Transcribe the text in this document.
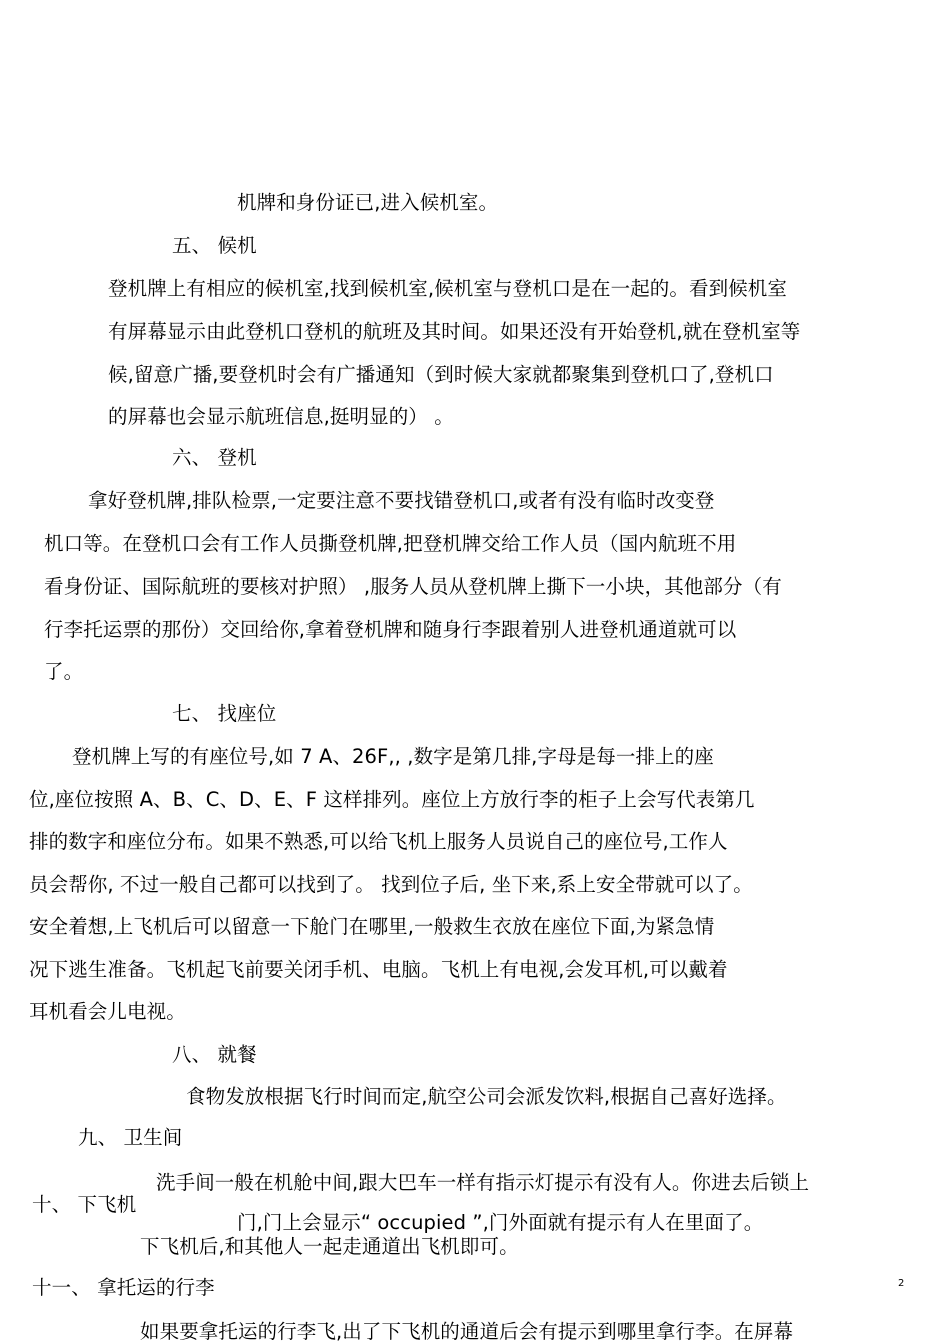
机牌和身份证已,进入候机室。

五、 候机

登机牌上有相应的候机室,找到候机室,候机室与登机口是在一起的。看到候机室

有屏幕显示由此登机口登机的航班及其时间。如果还没有开始登机,就在登机室等

候,留意广播,要登机时会有广播通知（到时候大家就都聚集到登机口了,登机口

的屏幕也会显示航班信息,挺明显的） 。

六、 登机

拿好登机牌,排队检票,一定要注意不要找错登机口,或者有没有临时改变登

机口等。在登机口会有工作人员撕登机牌,把登机牌交给工作人员（国内航班不用

看身份证、国际航班的要核对护照） ,服务人员从登机牌上撕下一小块，其他部分（有

行李托运票的那份）交回给你,拿着登机牌和随身行李跟着别人进登机通道就可以

了。

七、 找座位

登机牌上写的有座位号,如 7 A、26F,, ,数字是第几排,字母是每一排上的座

位,座位按照 A、B、C、D、E、F 这样排列。座位上方放行李的柜子上会写代表第几

排的数字和座位分布。如果不熟悉,可以给飞机上服务人员说自己的座位号,工作人

员会帮你, 不过一般自己都可以找到了。 找到位子后, 坐下来,系上安全带就可以了。

安全着想,上飞机后可以留意一下舱门在哪里,一般救生衣放在座位下面,为紧急情

况下逃生准备。飞机起飞前要关闭手机、电脑。飞机上有电视,会发耳机,可以戴着

耳机看会儿电视。

八、 就餐

食物发放根据飞行时间而定,航空公司会派发饮料,根据自己喜好选择。

九、 卫生间

洗手间一般在机舱中间,跟大巴车一样有指示灯提示有没有人。你进去后锁上

十、 下飞机

门,门上会显示“ occupied ”,门外面就有提示有人在里面了。

下飞机后,和其他人一起走通道出飞机即可。

十一、 拿托运的行李	2

如果要拿托运的行李飞,出了下飞机的通道后会有提示到哪里拿行李。在屏幕
